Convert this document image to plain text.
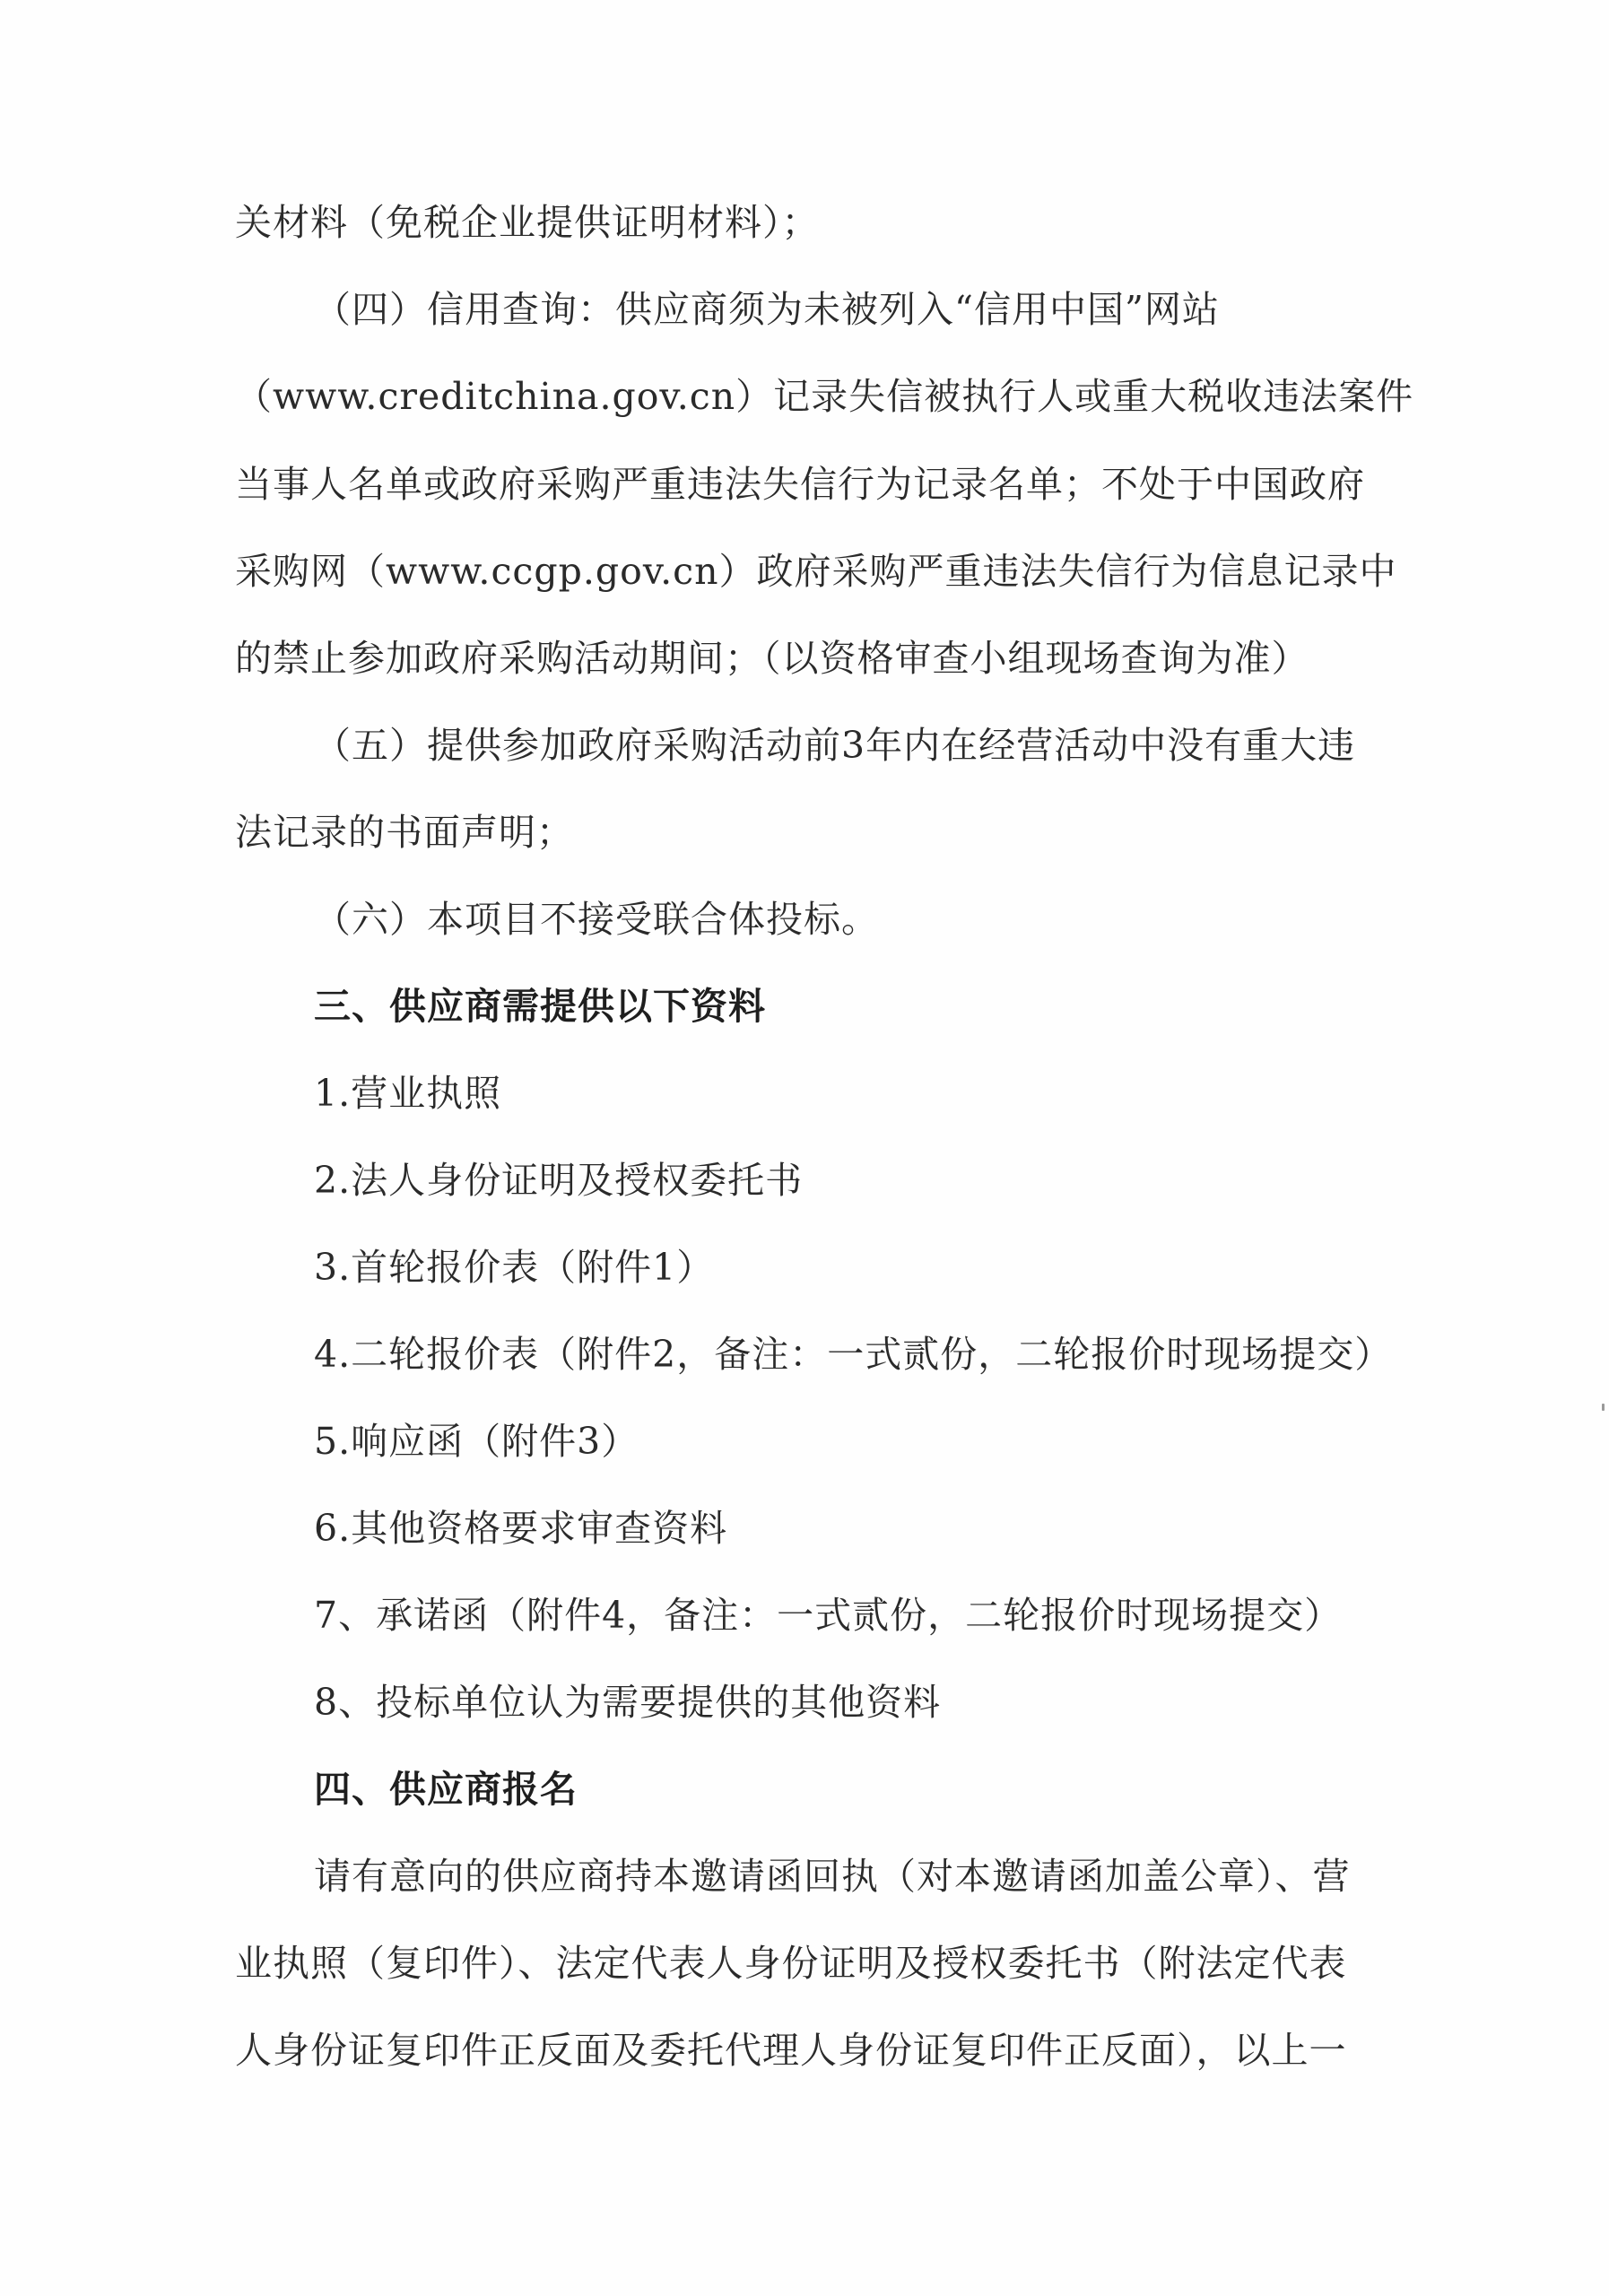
关材料（免税企业提供证明材料）；
（四）信用查询：供应商须为未被列入“信用中国”网站
（www.creditchina.gov.cn）记录失信被执行人或重大税收违法案件
当事人名单或政府采购严重违法失信行为记录名单；不处于中国政府
采购网（www.ccgp.gov.cn）政府采购严重违法失信行为信息记录中
的禁止参加政府采购活动期间；（以资格审查小组现场查询为准）
（五）提供参加政府采购活动前3年内在经营活动中没有重大违
法记录的书面声明；
（六）本项目不接受联合体投标。
三、供应商需提供以下资料
1.营业执照
2.法人身份证明及授权委托书
3.首轮报价表（附件1）
4.二轮报价表（附件2，备注：一式贰份，二轮报价时现场提交）
5.响应函（附件3）
6.其他资格要求审查资料
7、承诺函（附件4，备注：一式贰份，二轮报价时现场提交）
8、投标单位认为需要提供的其他资料
四、供应商报名
请有意向的供应商持本邀请函回执（对本邀请函加盖公章）、营
业执照（复印件）、法定代表人身份证明及授权委托书（附法定代表
人身份证复印件正反面及委托代理人身份证复印件正反面），以上一
